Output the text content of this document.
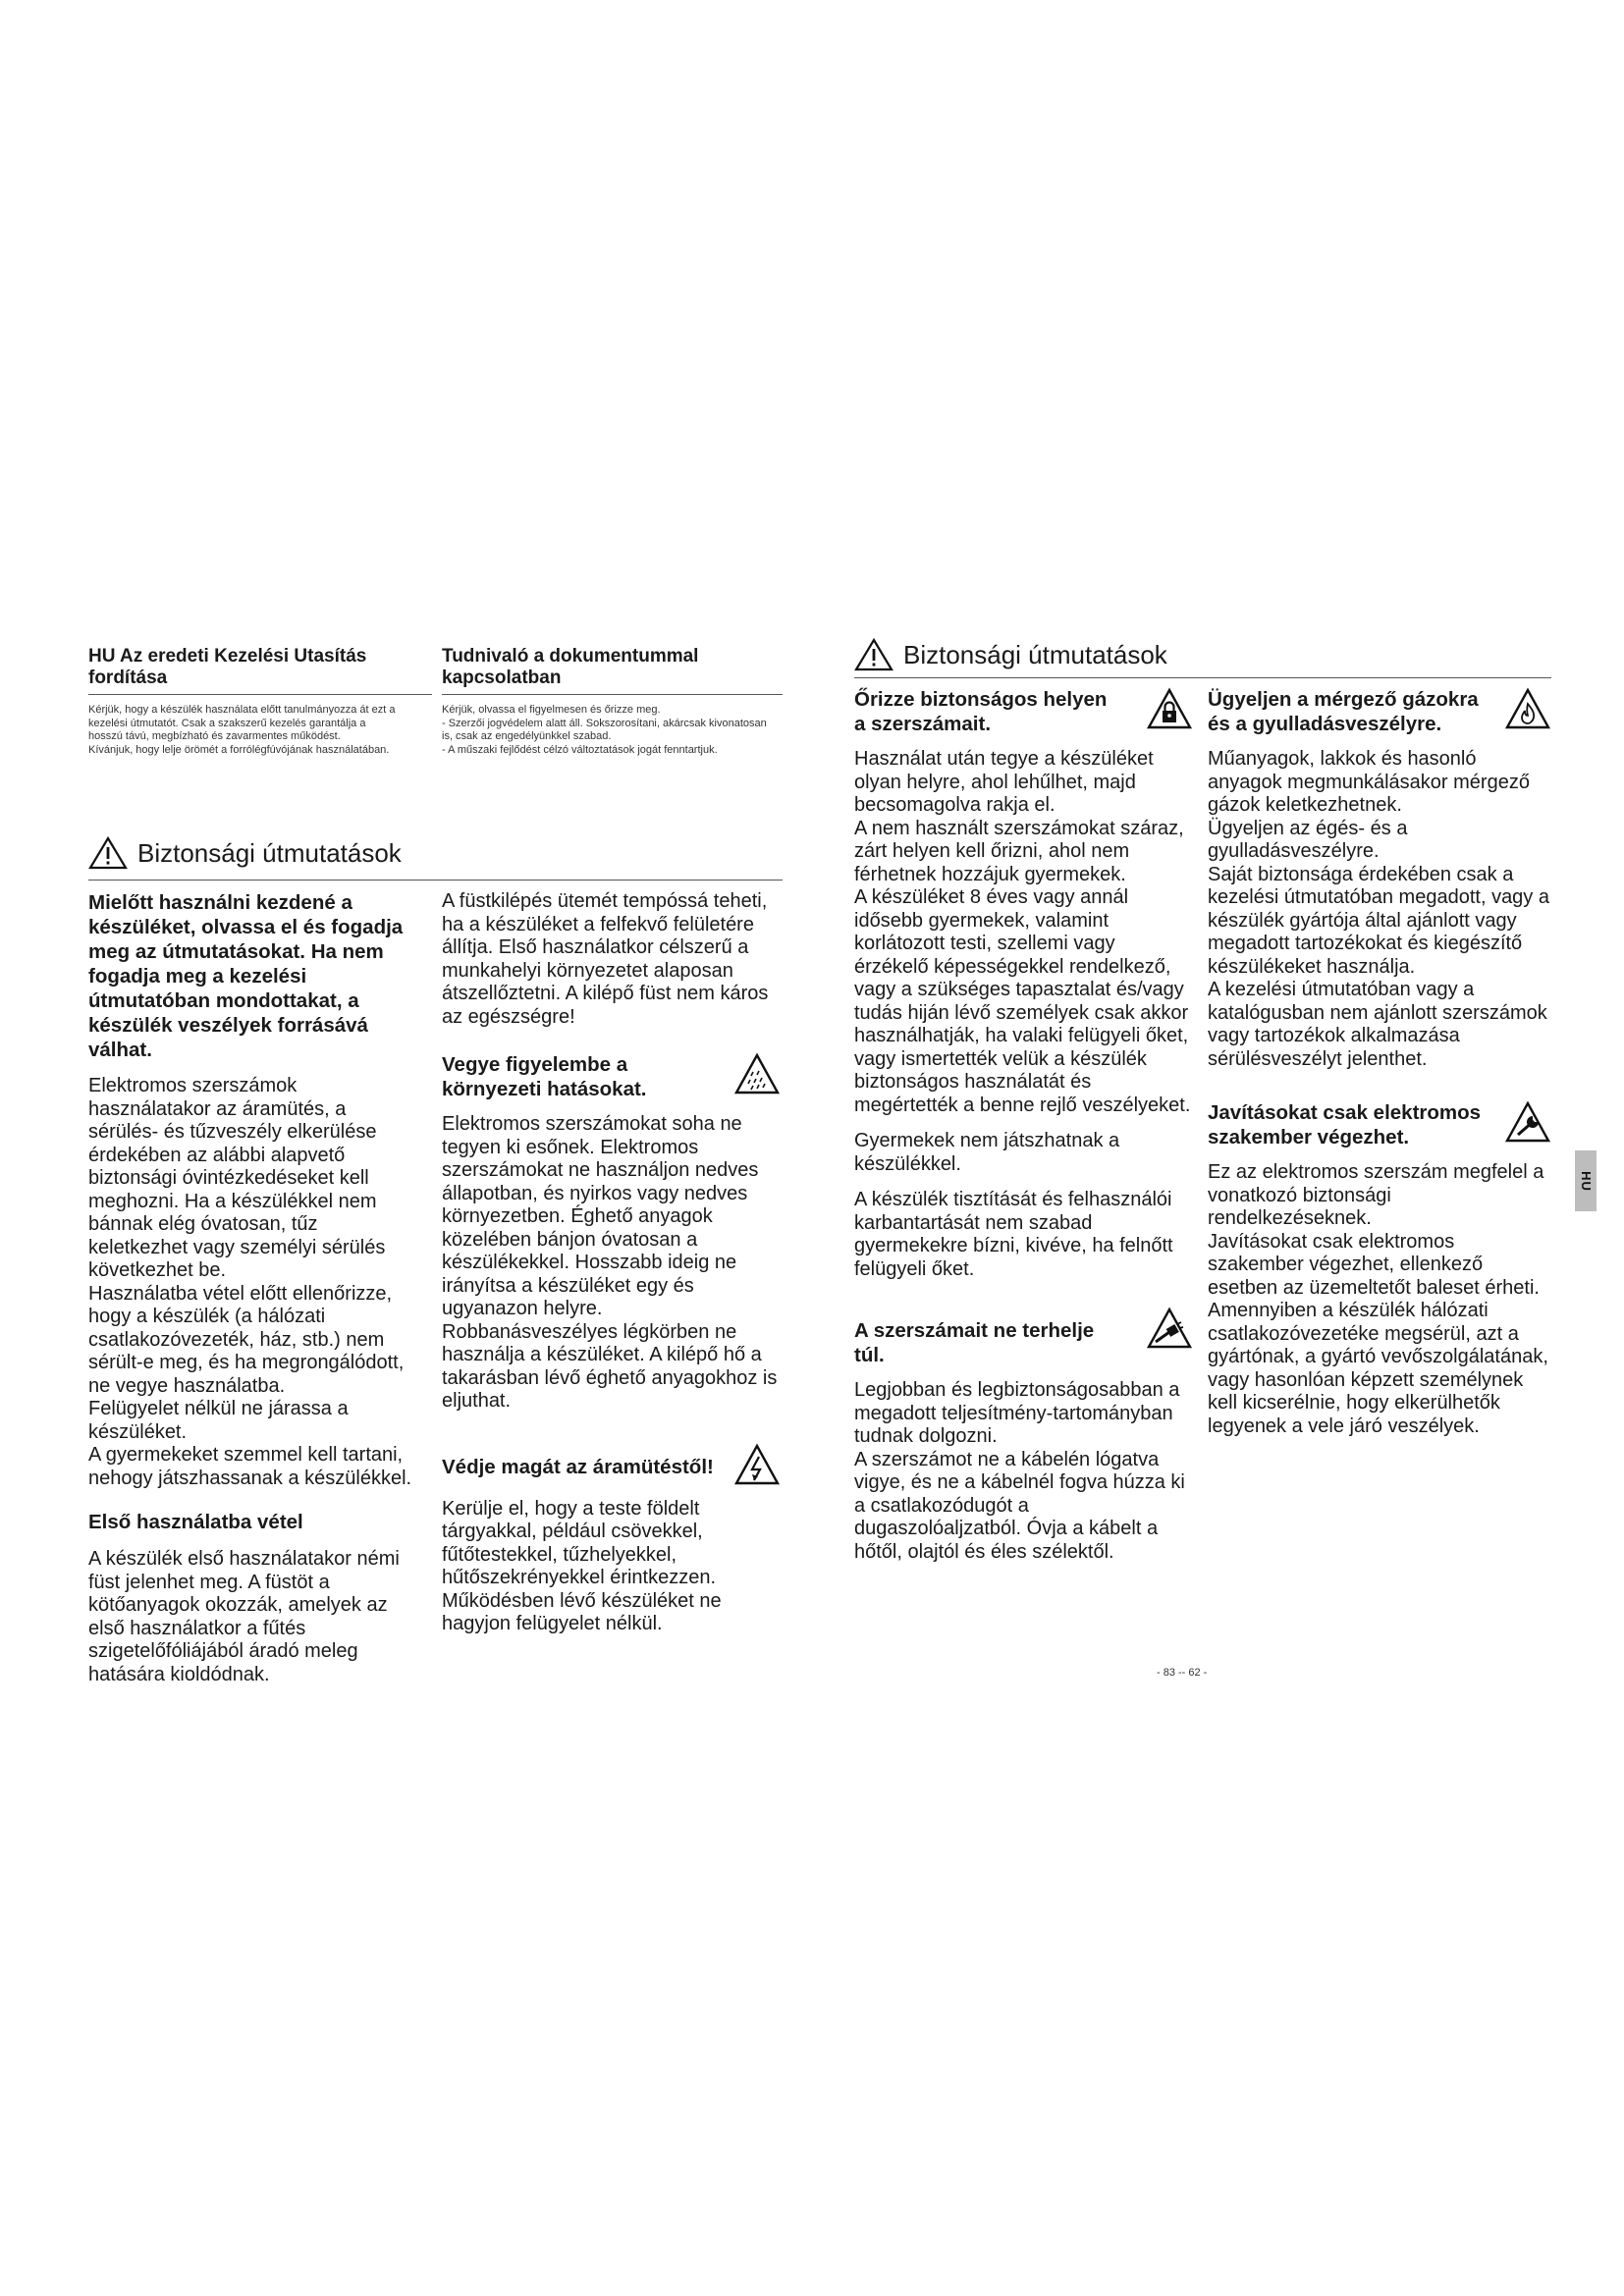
HU Az eredeti Kezelési Utasítás fordítása

Kérjük, hogy a készülék használata előtt tanulmányozza át ezt a kezelési útmutatót. Csak a szakszerű kezelés garantálja a hosszú távú, megbízható és zavarmentes működést.

Kívánjuk, hogy lelje örömét a forrólégfúvójának használatában.

Tudnivaló a dokumentummal kapcsolatban

Kérjük, olvassa el figyelmesen és őrizze meg.

- Szerzői jogvédelem alatt áll. Sokszorosítani, akárcsak kivonatosan is, csak az engedélyünkkel szabad.

- A műszaki fejlődést célzó változtatások jogát fenntartjuk.

Biztonsági útmutatások

Mielőtt használni kezdené a készüléket, olvassa el és fogadja meg az útmutatásokat. Ha nem fogadja meg a kezelési útmutatóban mondottakat, a készülék veszélyek forrásává válhat.

Elektromos szerszámok használatakor az áramütés, a sérülés- és tűzveszély elkerülése érdekében az alábbi alapvető biztonsági óvintézkedéseket kell meghozni. Ha a készülékkel nem bánnak elég óvatosan, tűz keletkezhet vagy személyi sérülés következhet be.

Használatba vétel előtt ellenőrizze, hogy a készülék (a hálózati csatlakozóvezeték, ház, stb.) nem sérült-e meg, és ha megrongálódott, ne vegye használatba.

Felügyelet nélkül ne járassa a készüléket.

A gyermekeket szemmel kell tartani, nehogy játszhassanak a készülékkel.

Első használatba vétel

A készülék első használatakor némi füst jelenhet meg. A füstöt a kötőanyagok okozzák, amelyek az első használatkor a fűtés szigetelőfóliájából áradó meleg hatására kioldódnak.

A füstkilépés ütemét tempóssá teheti, ha a készüléket a felfekvő felületére állítja. Első használatkor célszerű a munkahelyi környezetet alaposan átszellőztetni. A kilépő füst nem káros az egészségre!

Vegye figyelembe a környezeti hatásokat.

Elektromos szerszámokat soha ne tegyen ki esőnek. Elektromos szerszámokat ne használjon nedves állapotban, és nyirkos vagy nedves környezetben. Éghető anyagok közelében bánjon óvatosan a készülékekkel. Hosszabb ideig ne irányítsa a készüléket egy és ugyanazon helyre. Robbanásveszélyes légkörben ne használja a készüléket. A kilépő hő a takarásban lévő éghető anyagokhoz is eljuthat.

Védje magát az áramütéstől!

Kerülje el, hogy a teste földelt tárgyakkal, például csövekkel, fűtőtestekkel, tűzhelyekkel, hűtőszekrényekkel érintkezzen. Működésben lévő készüléket ne hagyjon felügyelet nélkül.

Biztonsági útmutatások
Őrizze biztonságos helyen a szerszámait.

Használat után tegye a készüléket olyan helyre, ahol lehűlhet, majd becsomagolva rakja el.

A nem használt szerszámokat száraz, zárt helyen kell őrizni, ahol nem férhetnek hozzájuk gyermekek.

A készüléket 8 éves vagy annál idősebb gyermekek, valamint korlátozott testi, szellemi vagy érzékelő képességekkel rendelkező, vagy a szükséges tapasztalat és/vagy tudás hiján lévő személyek csak akkor használhatják, ha valaki felügyeli őket, vagy ismertették velük a készülék biztonságos használatát és megértették a benne rejlő veszélyeket.

Gyermekek nem játszhatnak a készülékkel.

A készülék tisztítását és felhasználói karbantartását nem szabad gyermekekre bízni, kivéve, ha felnőtt felügyeli őket.

A szerszámait ne terhelje túl.

Legjobban és legbiztonságosabban a megadott teljesítmény-tartományban tudnak dolgozni.

A szerszámot ne a kábelén lógatva vigye, és ne a kábelnél fogva húzza ki a csatlakozódugót a dugaszolóaljzatból. Óvja a kábelt a hőtől, olajtól és éles szélektől.

Ügyeljen a mérgező gázokra és a gyulladásveszélyre.

Műanyagok, lakkok és hasonló anyagok megmunkálásakor mérgező gázok keletkezhetnek.

Ügyeljen az égés- és a gyulladásveszélyre.

Saját biztonsága érdekében csak a kezelési útmutatóban megadott, vagy a készülék gyártója által ajánlott vagy megadott tartozékokat és kiegészítő készülékeket használja.

A kezelési útmutatóban vagy a katalógusban nem ajánlott szerszámok vagy tartozékok alkalmazása sérülésveszélyt jelenthet.

Javításokat csak elektromos szakember végezhet.

Ez az elektromos szerszám megfelel a vonatkozó biztonsági rendelkezéseknek.

Javításokat csak elektromos szakember végezhet, ellenkező esetben az üzemeltetőt baleset érheti.

Amennyiben a készülék hálózati csatlakozóvezetéke megsérül, azt a gyártónak, a gyártó vevőszolgálatának, vagy hasonlóan képzett személynek kell kicserélnie, hogy elkerülhetők legyenek a vele járó veszélyek.

HU
- 83 -- 62 -
